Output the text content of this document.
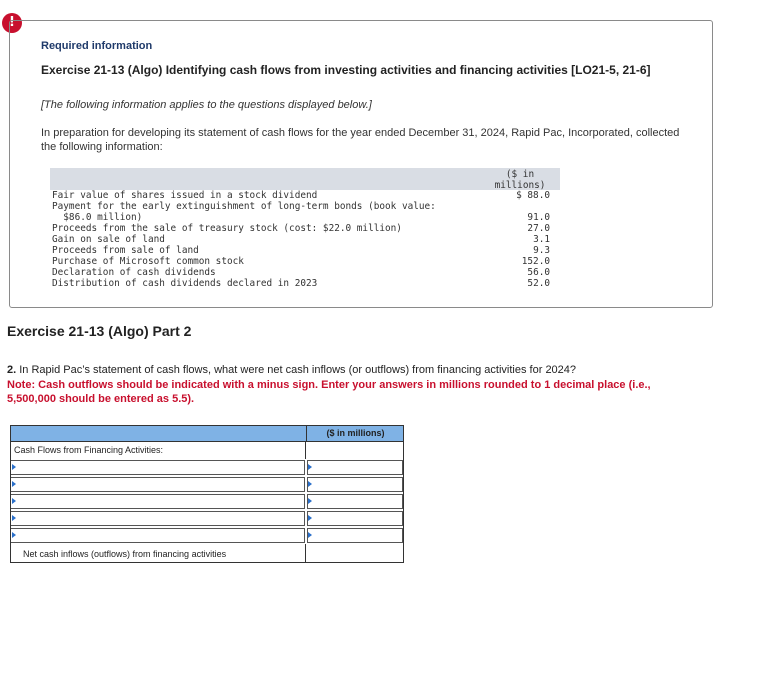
!
Required information
Exercise 21-13 (Algo) Identifying cash flows from investing activities and financing activities [LO21-5, 21-6]
[The following information applies to the questions displayed below.]
In preparation for developing its statement of cash flows for the year ended December 31, 2024, Rapid Pac, Incorporated, collected the following information:
($ in
millions)
Fair value of shares issued in a stock dividend	$ 88.0
Payment for the early extinguishment of long-term bonds (book value:
$86.0 million)	91.0
Proceeds from the sale of treasury stock (cost: $22.0 million)	27.0
Gain on sale of land	3.1
Proceeds from sale of land	9.3
Purchase of Microsoft common stock	152.0
Declaration of cash dividends	56.0
Distribution of cash dividends declared in 2023	52.0
Exercise 21-13 (Algo) Part 2
2. In Rapid Pac’s statement of cash flows, what were net cash inflows (or outflows) from financing activities for 2024?
Note: Cash outflows should be indicated with a minus sign. Enter your answers in millions rounded to 1 decimal place (i.e., 5,500,000 should be entered as 5.5).
($ in millions)
Cash Flows from Financing Activities:
Net cash inflows (outflows) from financing activities
